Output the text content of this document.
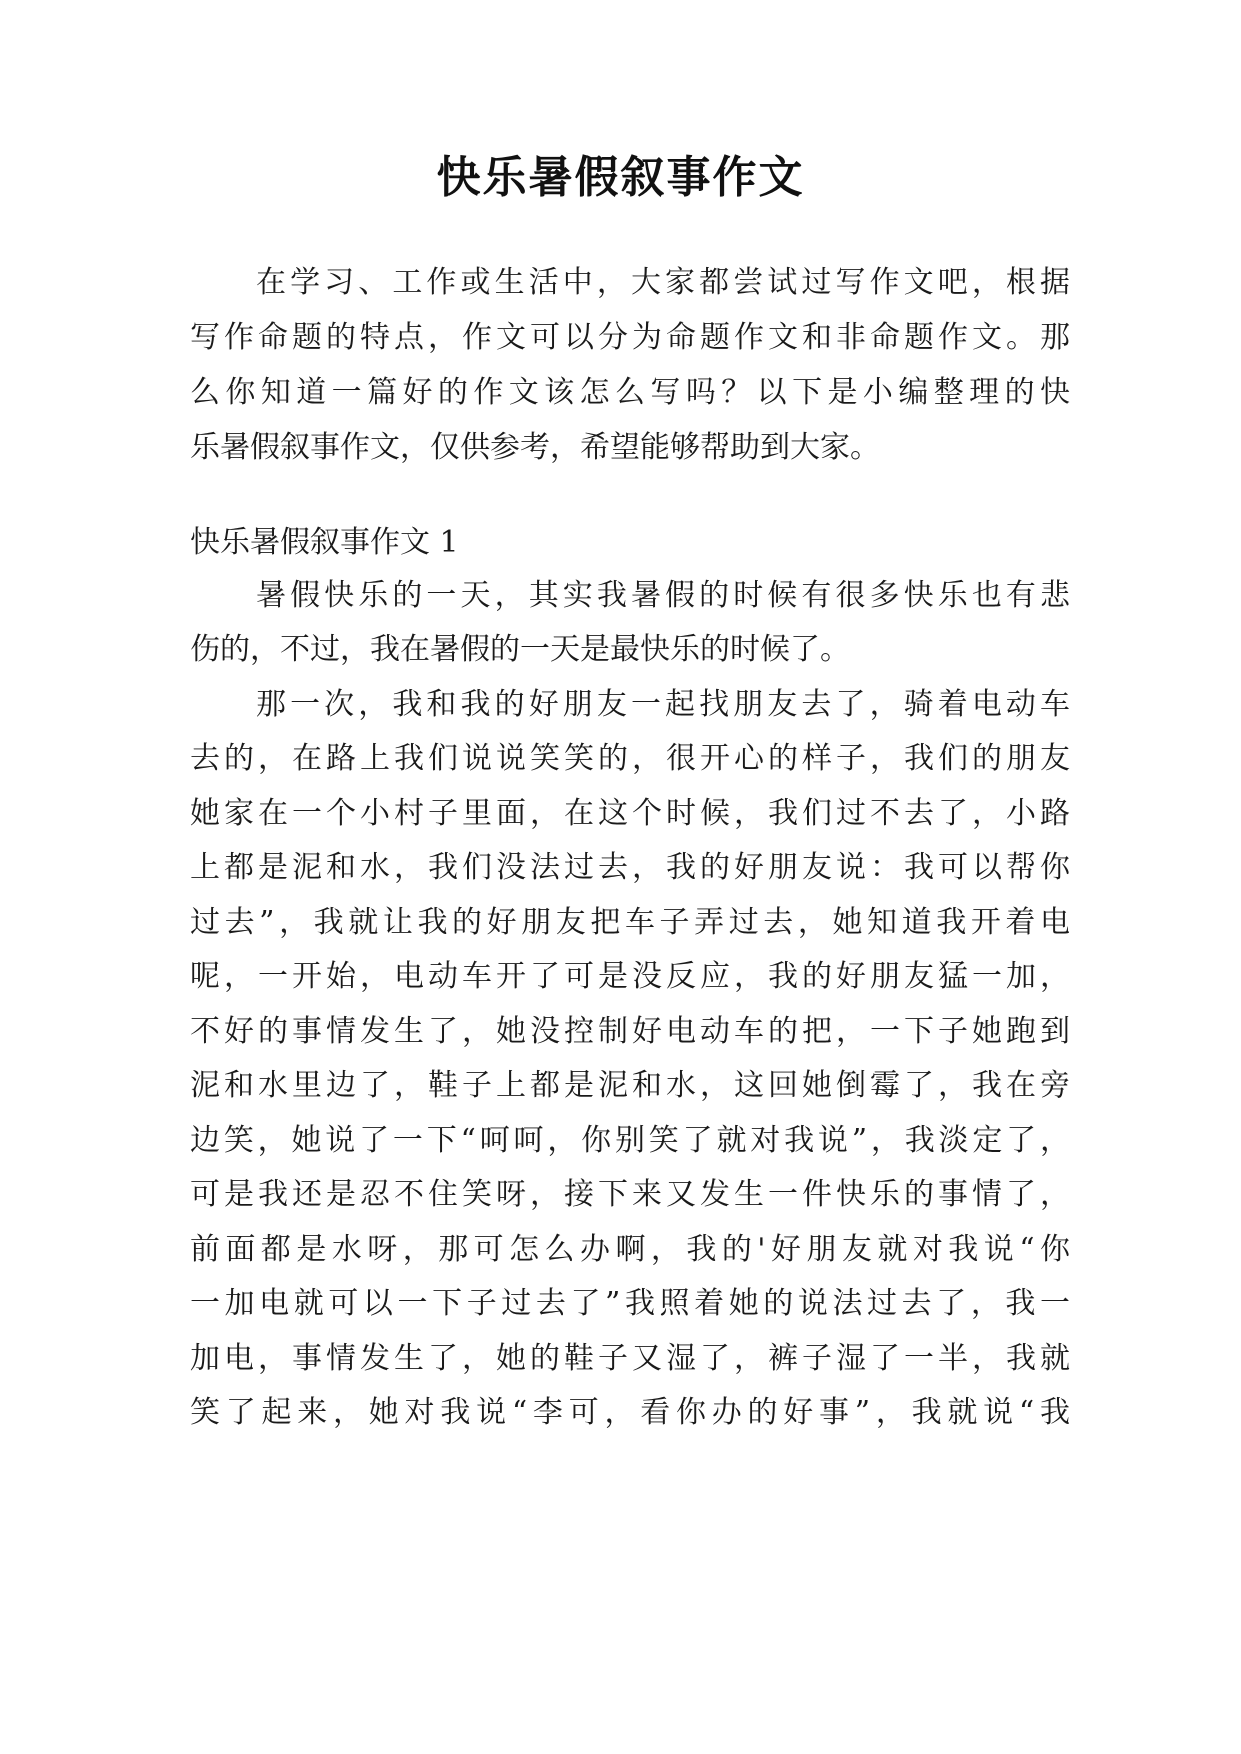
快乐暑假叙事作文
在学习、工作或生活中，大家都尝试过写作文吧，根据
写作命题的特点，作文可以分为命题作文和非命题作文。那
么你知道一篇好的作文该怎么写吗？以下是小编整理的快
乐暑假叙事作文，仅供参考，希望能够帮助到大家。
快乐暑假叙事作文 1
暑假快乐的一天，其实我暑假的时候有很多快乐也有悲
伤的，不过，我在暑假的一天是最快乐的时候了。
那一次，我和我的好朋友一起找朋友去了，骑着电动车
去的，在路上我们说说笑笑的，很开心的样子，我们的朋友
她家在一个小村子里面，在这个时候，我们过不去了，小路
上都是泥和水，我们没法过去，我的好朋友说：我可以帮你
过去”，我就让我的好朋友把车子弄过去，她知道我开着电
呢，一开始，电动车开了可是没反应，我的好朋友猛一加，
不好的事情发生了，她没控制好电动车的把，一下子她跑到
泥和水里边了，鞋子上都是泥和水，这回她倒霉了，我在旁
边笑，她说了一下“呵呵，你别笑了就对我说”，我淡定了，
可是我还是忍不住笑呀，接下来又发生一件快乐的事情了，
前面都是水呀，那可怎么办啊，我的'好朋友就对我说“你
一加电就可以一下子过去了”我照着她的说法过去了，我一
加电，事情发生了，她的鞋子又湿了，裤子湿了一半，我就
笑了起来，她对我说“李可，看你办的好事”，我就说“我
